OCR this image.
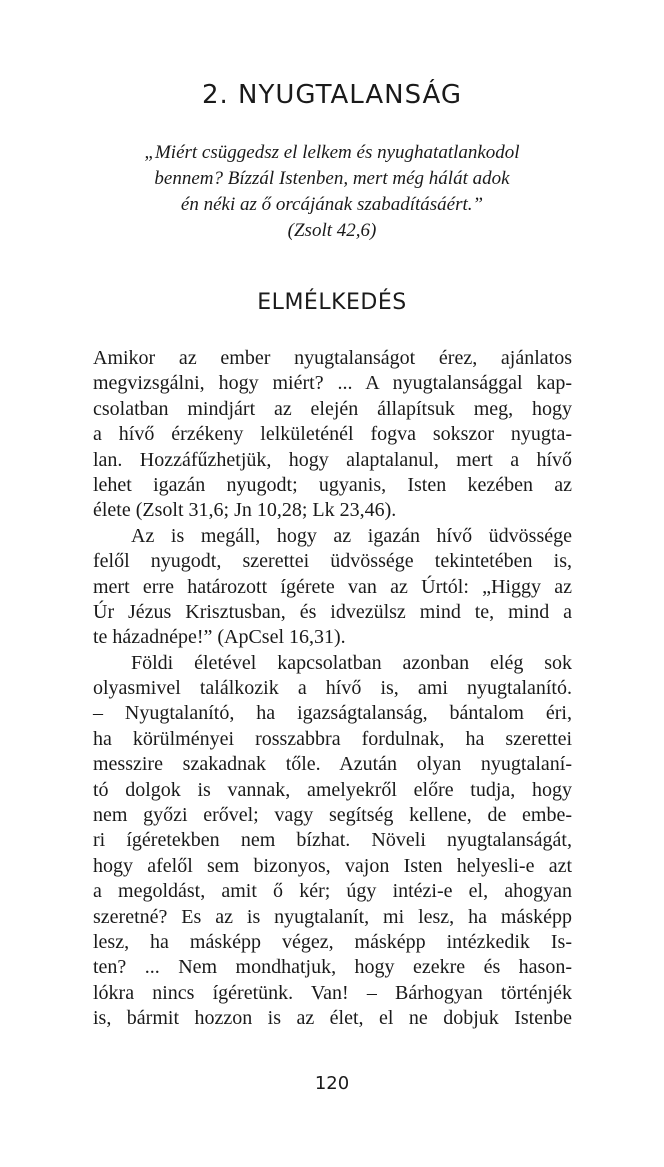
2. NYUGTALANSÁG
„Miért csüggedsz el lelkem és nyughatatlankodol
bennem? Bízzál Istenben, mert még hálát adok
én néki az ő orcájának szabadításáért.”
(Zsolt 42,6)
ELMÉLKEDÉS
Amikor az ember nyugtalanságot érez, ajánlatos
megvizsgálni, hogy miért? ... A nyugtalansággal kap-
csolatban mindjárt az elején állapítsuk meg, hogy
a hívő érzékeny lelkületénél fogva sokszor nyugta-
lan. Hozzáfűzhetjük, hogy alaptalanul, mert a hívő
lehet igazán nyugodt; ugyanis, Isten kezében az
élete (Zsolt 31,6; Jn 10,28; Lk 23,46).
Az is megáll, hogy az igazán hívő üdvössége
felől nyugodt, szerettei üdvössége tekintetében is,
mert erre határozott ígérete van az Úrtól: „Higgy az
Úr Jézus Krisztusban, és idvezülsz mind te, mind a
te házadnépe!” (ApCsel 16,31).
Földi életével kapcsolatban azonban elég sok
olyasmivel találkozik a hívő is, ami nyugtalanító.
– Nyugtalanító, ha igazságtalanság, bántalom éri,
ha körülményei rosszabbra fordulnak, ha szerettei
messzire szakadnak tőle. Azután olyan nyugtalaní-
tó dolgok is vannak, amelyekről előre tudja, hogy
nem győzi erővel; vagy segítség kellene, de embe-
ri ígéretekben nem bízhat. Növeli nyugtalanságát,
hogy afelől sem bizonyos, vajon Isten helyesli-e azt
a megoldást, amit ő kér; úgy intézi-e el, ahogyan
szeretné? Es az is nyugtalanít, mi lesz, ha másképp
lesz, ha másképp végez, másképp intézkedik Is-
ten? ... Nem mondhatjuk, hogy ezekre és hason-
lókra nincs ígéretünk. Van! – Bárhogyan történjék
is, bármit hozzon is az élet, el ne dobjuk Istenbe
120
